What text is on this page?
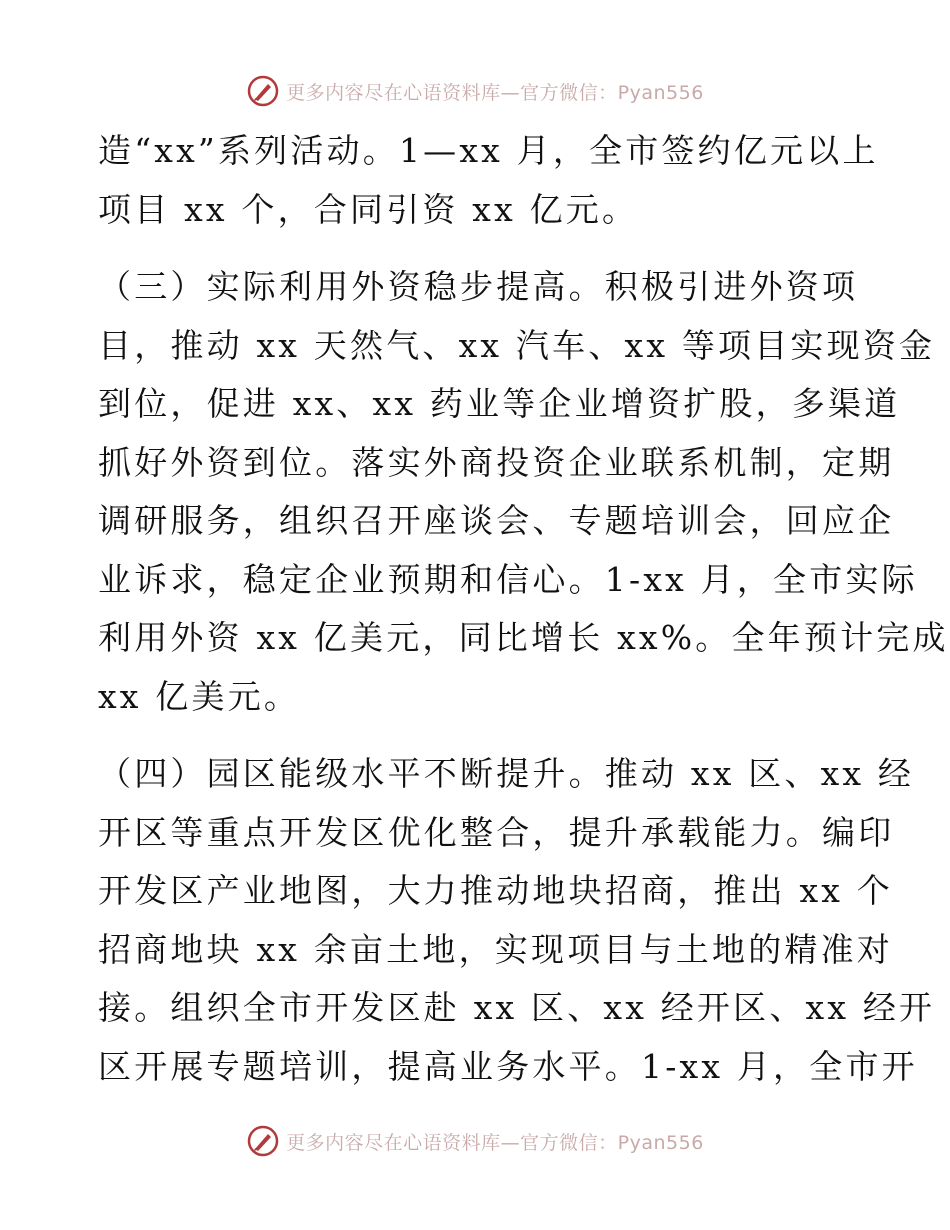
更多内容尽在心语资料库—官方微信：Pyan556
造“xx”系列活动。1—xx 月，全市签约亿元以上
项目 xx 个，合同引资 xx 亿元。
（三）实际利用外资稳步提高。积极引进外资项
目，推动 xx 天然气、xx 汽车、xx 等项目实现资金
到位，促进 xx、xx 药业等企业增资扩股，多渠道
抓好外资到位。落实外商投资企业联系机制，定期
调研服务，组织召开座谈会、专题培训会，回应企
业诉求，稳定企业预期和信心。1-xx 月，全市实际
利用外资 xx 亿美元，同比增长 xx%。全年预计完成
xx 亿美元。
（四）园区能级水平不断提升。推动 xx 区、xx 经
开区等重点开发区优化整合，提升承载能力。编印
开发区产业地图，大力推动地块招商，推出 xx 个
招商地块 xx 余亩土地，实现项目与土地的精准对
接。组织全市开发区赴 xx 区、xx 经开区、xx 经开
区开展专题培训，提高业务水平。1-xx 月，全市开
更多内容尽在心语资料库—官方微信：Pyan556
